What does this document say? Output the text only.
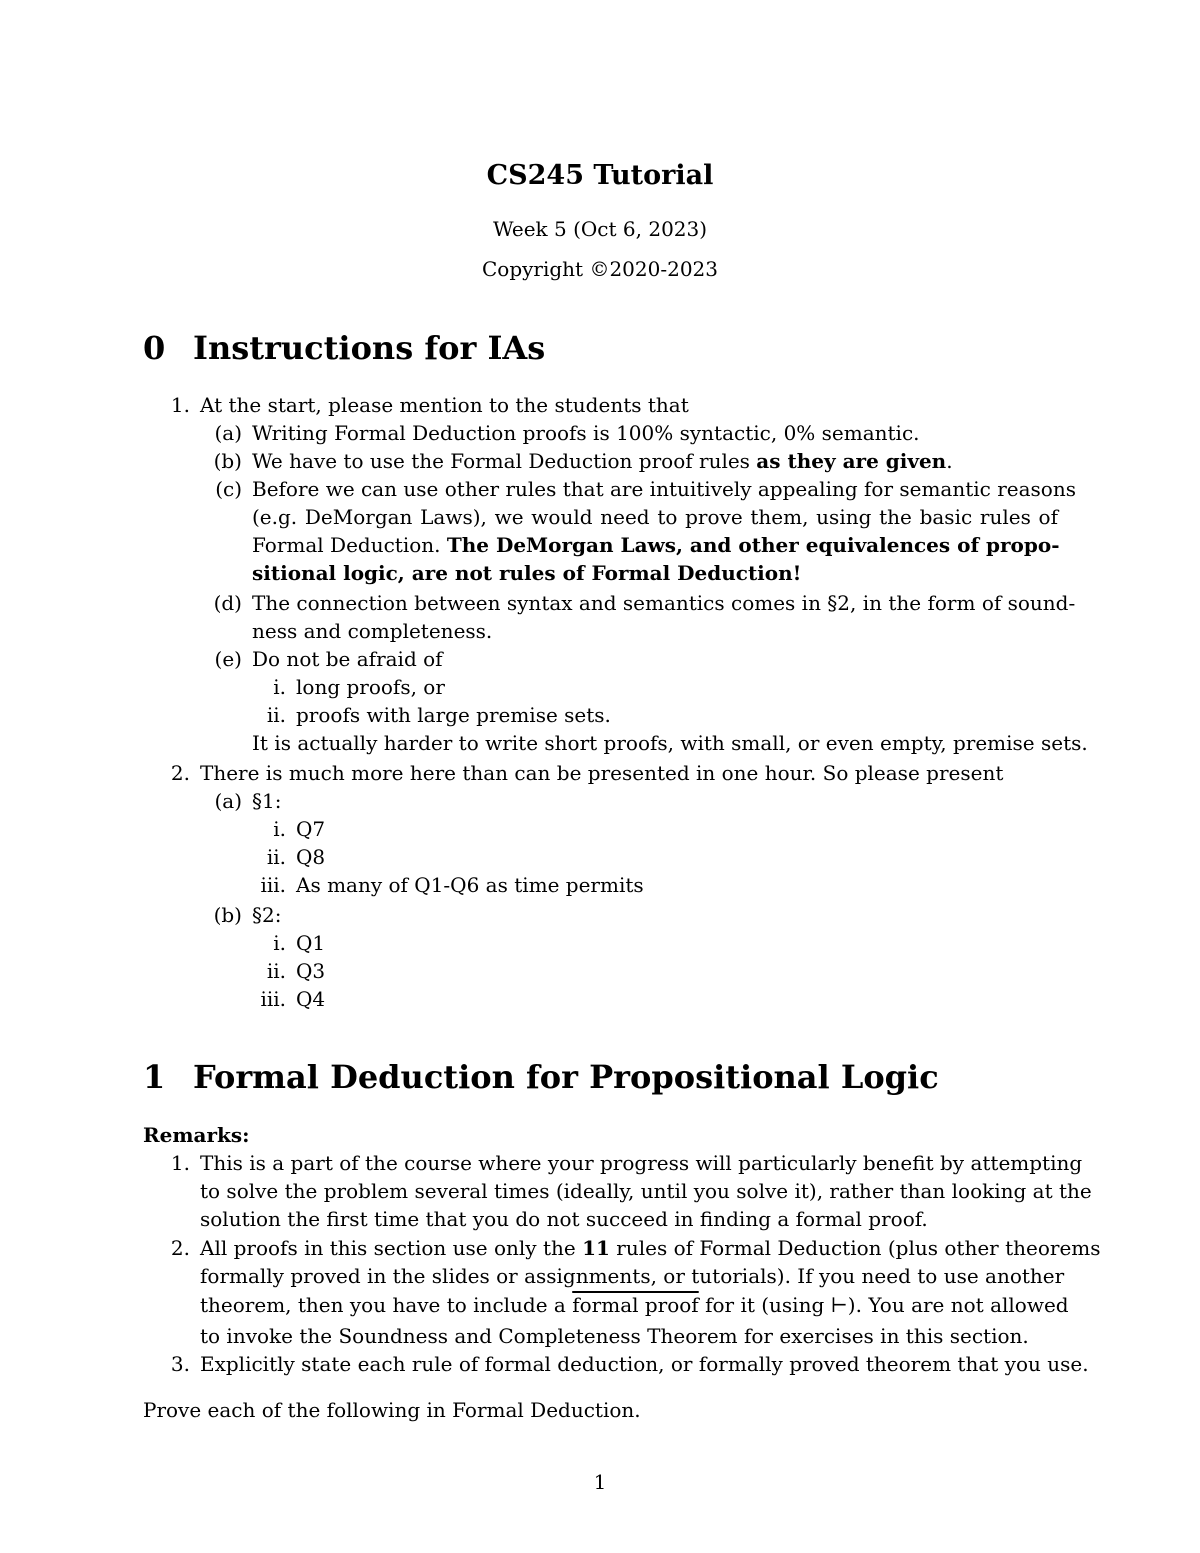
CS245 Tutorial
Week 5 (Oct 6, 2023)
Copyright ©2020-2023
0 Instructions for IAs
1. At the start, please mention to the students that
(a) Writing Formal Deduction proofs is 100% syntactic, 0% semantic.
(b) We have to use the Formal Deduction proof rules as they are given.
(c) Before we can use other rules that are intuitively appealing for semantic reasons
(e.g. DeMorgan Laws), we would need to prove them, using the basic rules of
Formal Deduction. The DeMorgan Laws, and other equivalences of propo-
sitional logic, are not rules of Formal Deduction!
(d) The connection between syntax and semantics comes in §2, in the form of sound-
ness and completeness.
(e) Do not be afraid of
i. long proofs, or
ii. proofs with large premise sets.
It is actually harder to write short proofs, with small, or even empty, premise sets.
2. There is much more here than can be presented in one hour. So please present
(a) §1:
i. Q7
ii. Q8
iii. As many of Q1-Q6 as time permits
(b) §2:
i. Q1
ii. Q3
iii. Q4
1 Formal Deduction for Propositional Logic
Remarks:
1. This is a part of the course where your progress will particularly benefit by attempting
to solve the problem several times (ideally, until you solve it), rather than looking at the
solution the first time that you do not succeed in finding a formal proof.
2. All proofs in this section use only the 11 rules of Formal Deduction (plus other theorems
formally proved in the slides or assignments, or tutorials). If you need to use another
theorem, then you have to include a formal proof for it (using ⊢). You are not allowed
to invoke the Soundness and Completeness Theorem for exercises in this section.
3. Explicitly state each rule of formal deduction, or formally proved theorem that you use.
Prove each of the following in Formal Deduction.
1
